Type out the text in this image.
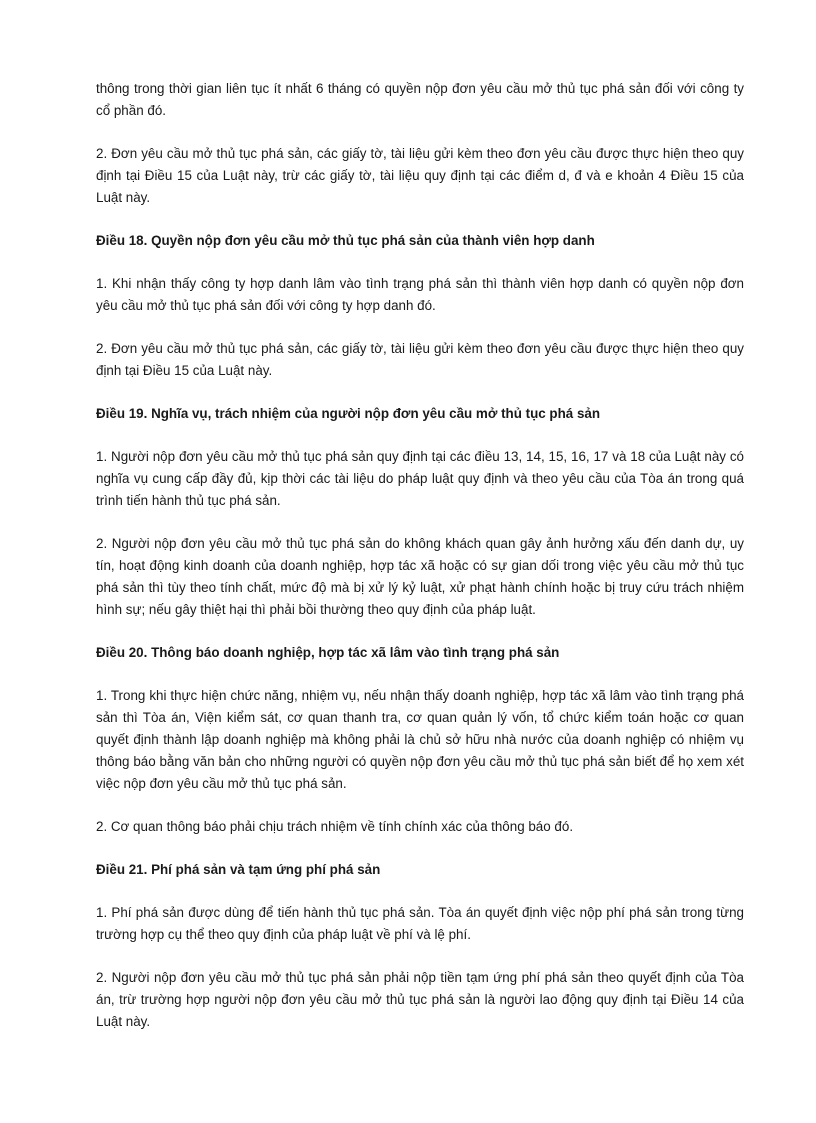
thông trong thời gian liên tục ít nhất 6 tháng có quyền nộp đơn yêu cầu mở thủ tục phá sản đối với công ty cổ phần đó.

2. Đơn yêu cầu mở thủ tục phá sản, các giấy tờ, tài liệu gửi kèm theo đơn yêu cầu được thực hiện theo quy định tại Điều 15 của Luật này, trừ các giấy tờ, tài liệu quy định tại các điểm d, đ và e khoản 4 Điều 15 của Luật này.

Điều 18. Quyền nộp đơn yêu cầu mở thủ tục phá sản của thành viên hợp danh

1. Khi nhận thấy công ty hợp danh lâm vào tình trạng phá sản thì thành viên hợp danh có quyền nộp đơn yêu cầu mở thủ tục phá sản đối với công ty hợp danh đó.

2. Đơn yêu cầu mở thủ tục phá sản, các giấy tờ, tài liệu gửi kèm theo đơn yêu cầu được thực hiện theo quy định tại Điều 15 của Luật này.

Điều 19. Nghĩa vụ, trách nhiệm của người nộp đơn yêu cầu mở thủ tục phá sản

1. Người nộp đơn yêu cầu mở thủ tục phá sản quy định tại các điều 13, 14, 15, 16, 17 và 18 của Luật này có nghĩa vụ cung cấp đầy đủ, kịp thời các tài liệu do pháp luật quy định và theo yêu cầu của Tòa án trong quá trình tiến hành thủ tục phá sản.

2. Người nộp đơn yêu cầu mở thủ tục phá sản do không khách quan gây ảnh hưởng xấu đến danh dự, uy tín, hoạt động kinh doanh của doanh nghiệp, hợp tác xã hoặc có sự gian dối trong việc yêu cầu mở thủ tục phá sản thì tùy theo tính chất, mức độ mà bị xử lý kỷ luật, xử phạt hành chính hoặc bị truy cứu trách nhiệm hình sự; nếu gây thiệt hại thì phải bồi thường theo quy định của pháp luật.

Điều 20. Thông báo doanh nghiệp, hợp tác xã lâm vào tình trạng phá sản

1. Trong khi thực hiện chức năng, nhiệm vụ, nếu nhận thấy doanh nghiệp, hợp tác xã lâm vào tình trạng phá sản thì Tòa án, Viện kiểm sát, cơ quan thanh tra, cơ quan quản lý vốn, tổ chức kiểm toán hoặc cơ quan quyết định thành lập doanh nghiệp mà không phải là chủ sở hữu nhà nước của doanh nghiệp có nhiệm vụ thông báo bằng văn bản cho những người có quyền nộp đơn yêu cầu mở thủ tục phá sản biết để họ xem xét việc nộp đơn yêu cầu mở thủ tục phá sản.

2. Cơ quan thông báo phải chịu trách nhiệm về tính chính xác của thông báo đó.

Điều 21. Phí phá sản và tạm ứng phí phá sản

1. Phí phá sản được dùng để tiến hành thủ tục phá sản. Tòa án quyết định việc nộp phí phá sản trong từng trường hợp cụ thể theo quy định của pháp luật về phí và lệ phí.

2. Người nộp đơn yêu cầu mở thủ tục phá sản phải nộp tiền tạm ứng phí phá sản theo quyết định của Tòa án, trừ trường hợp người nộp đơn yêu cầu mở thủ tục phá sản là người lao động quy định tại Điều 14 của Luật này.
